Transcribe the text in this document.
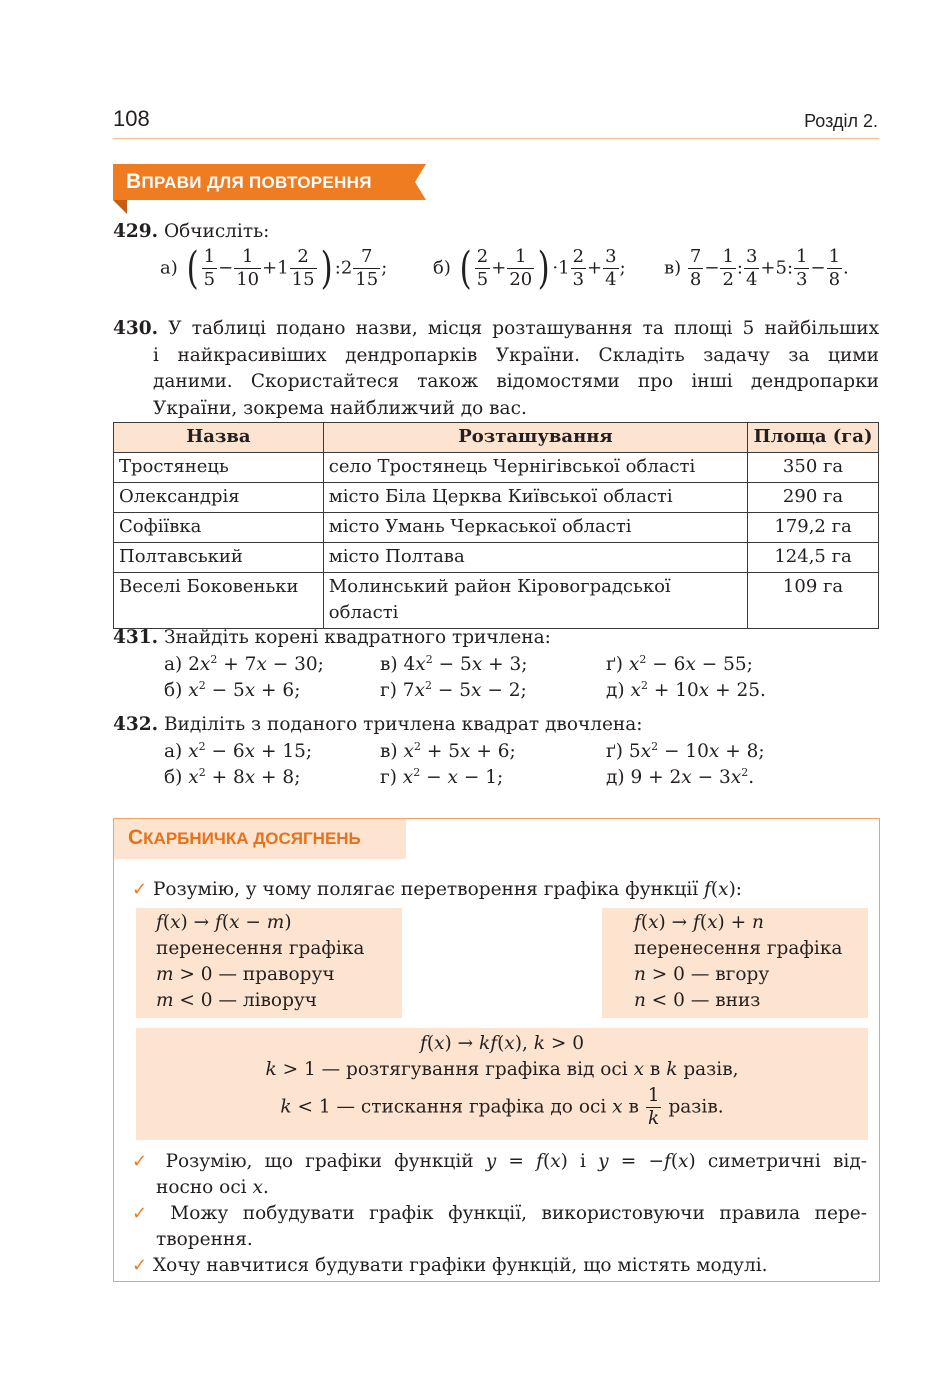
108	Розділ 2.
ВПРАВИ ДЛЯ ПОВТОРЕННЯ
429. Обчисліть:
а) ( $\frac{1}{5} - \frac{1}{10} +1 \frac{2}{15}$ ) :2 $\frac{7}{15}$ ;	б) ( $\frac{2}{5} + \frac{1}{20}$ ) $\cdot 1 \frac{2}{3} + \frac{3}{4}$ ; $в) \frac{7}{8} - \frac{1}{2}$ : $\frac{3}{4} +5$: $\frac{1}{3} - \frac{1}{8}$ .
430. У таблиці подано назви, місця розташування та площі 5 найбільших
і найкрасивіших дендропарків України. Складіть задачу за цими
даними. Скористайтеся також відомостями про інші дендропарки
України, зокрема найближчий до вас.
Назва	Розташування	Площа (га)
Тростянець	село Тростянець Чернігівської області	350 га
Олександрія	місто Біла Церква Київської області	290 га
Софіївка	місто Умань Черкаської області	179,2 га
Полтавський	місто Полтава	124,5 га
Веселі Боковеньки	Молинський район Кіровоградської області	109 га
431. Знайдіть корені квадратного тричлена:
а) $2x^2 + 7x - 30$;	в) $4x^2 - 5x + 3$;	ґ) $x^2 - 6x - 55$;
б) $x^2 - 5x + 6$;	г) $7x^2 - 5x - 2$;	д) $x^2 + 10x + 25$.
432. Виділіть з поданого тричлена квадрат двочлена:
а) $x^2 - 6x + 15$;	в) $x^2 + 5x + 6$;	ґ) $5x^2 - 10x + 8$;
б) $x^2 + 8x + 8$;	г) $x^2 - x - 1$;	д) $9 + 2x - 3x^2$.
СКАРБНИЧКА ДОСЯГНЕНЬ
✓ Розумію, у чому полягає перетворення графіка функції f(x):
f(x) → f(x − m)
перенесення графіка
m > 0 — праворуч
m < 0 — ліворуч
f(x) → f(x) + n
перенесення графіка
n > 0 — вгору
n < 0 — вниз
f(x) → kf(x), k > 0
k > 1 — розтягування графіка від осі x в k разів,
k < 1 — стискання графіка до осі x в $\frac{1}{k}$ разів.
✓ Розумію, що графіки функцій y = f(x) і y = −f(x) симетричні від-
носно осі x.
✓ Можу побудувати графік функції, використовуючи правила пере-
творення.
✓ Хочу навчитися будувати графіки функцій, що містять модулі.
